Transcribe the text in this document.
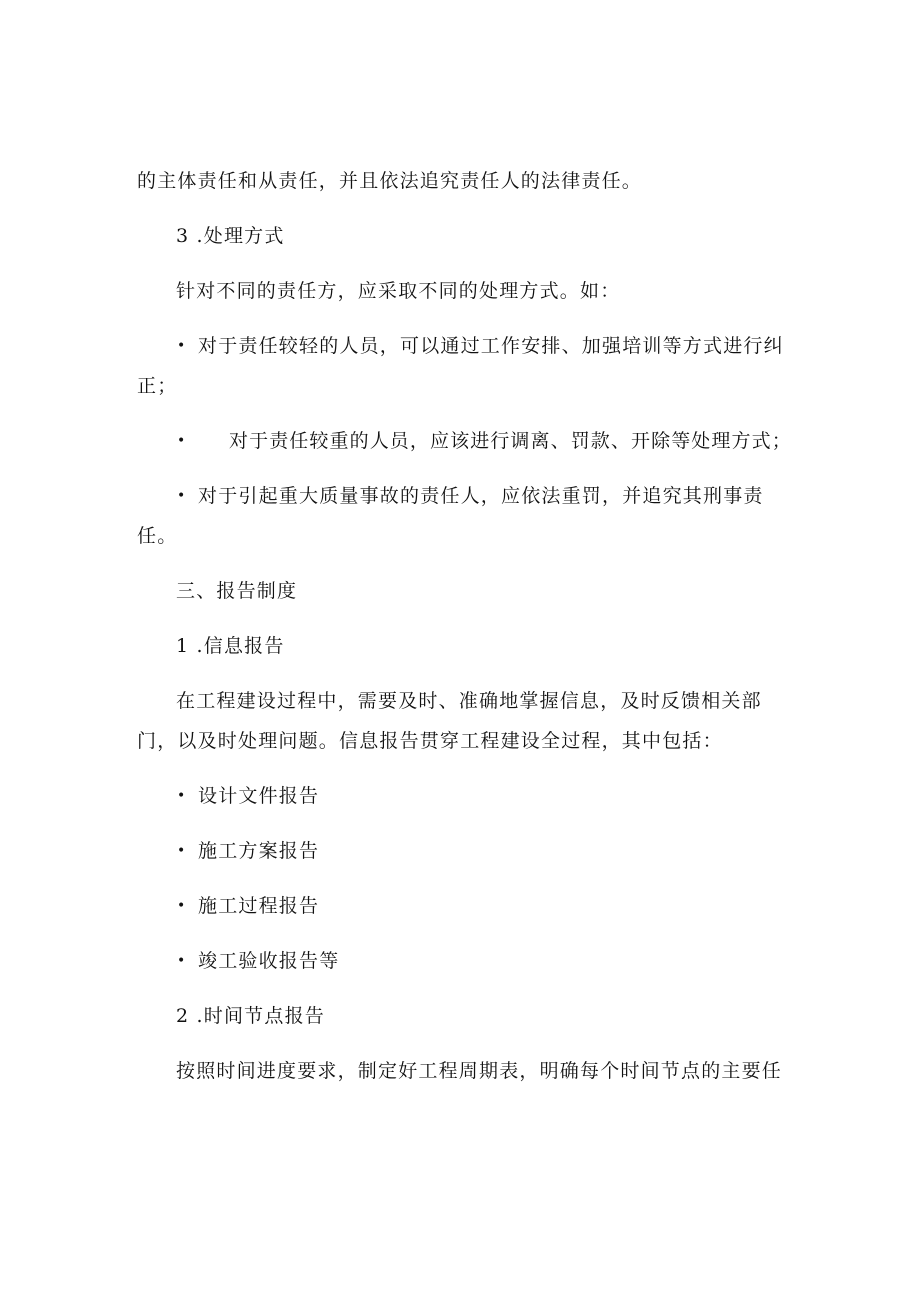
的主体责任和从责任，并且依法追究责任人的法律责任。
3 .处理方式
针对不同的责任方，应采取不同的处理方式。如：
• 对于责任较轻的人员，可以通过工作安排、加强培训等方式进行纠
正；
• 对于责任较重的人员，应该进行调离、罚款、开除等处理方式；
• 对于引起重大质量事故的责任人，应依法重罚，并追究其刑事责
任。
三、报告制度
1 .信息报告
在工程建设过程中，需要及时、准确地掌握信息，及时反馈相关部
门，以及时处理问题。信息报告贯穿工程建设全过程，其中包括：
• 设计文件报告
• 施工方案报告
• 施工过程报告
• 竣工验收报告等
2 .时间节点报告
按照时间进度要求，制定好工程周期表，明确每个时间节点的主要任
